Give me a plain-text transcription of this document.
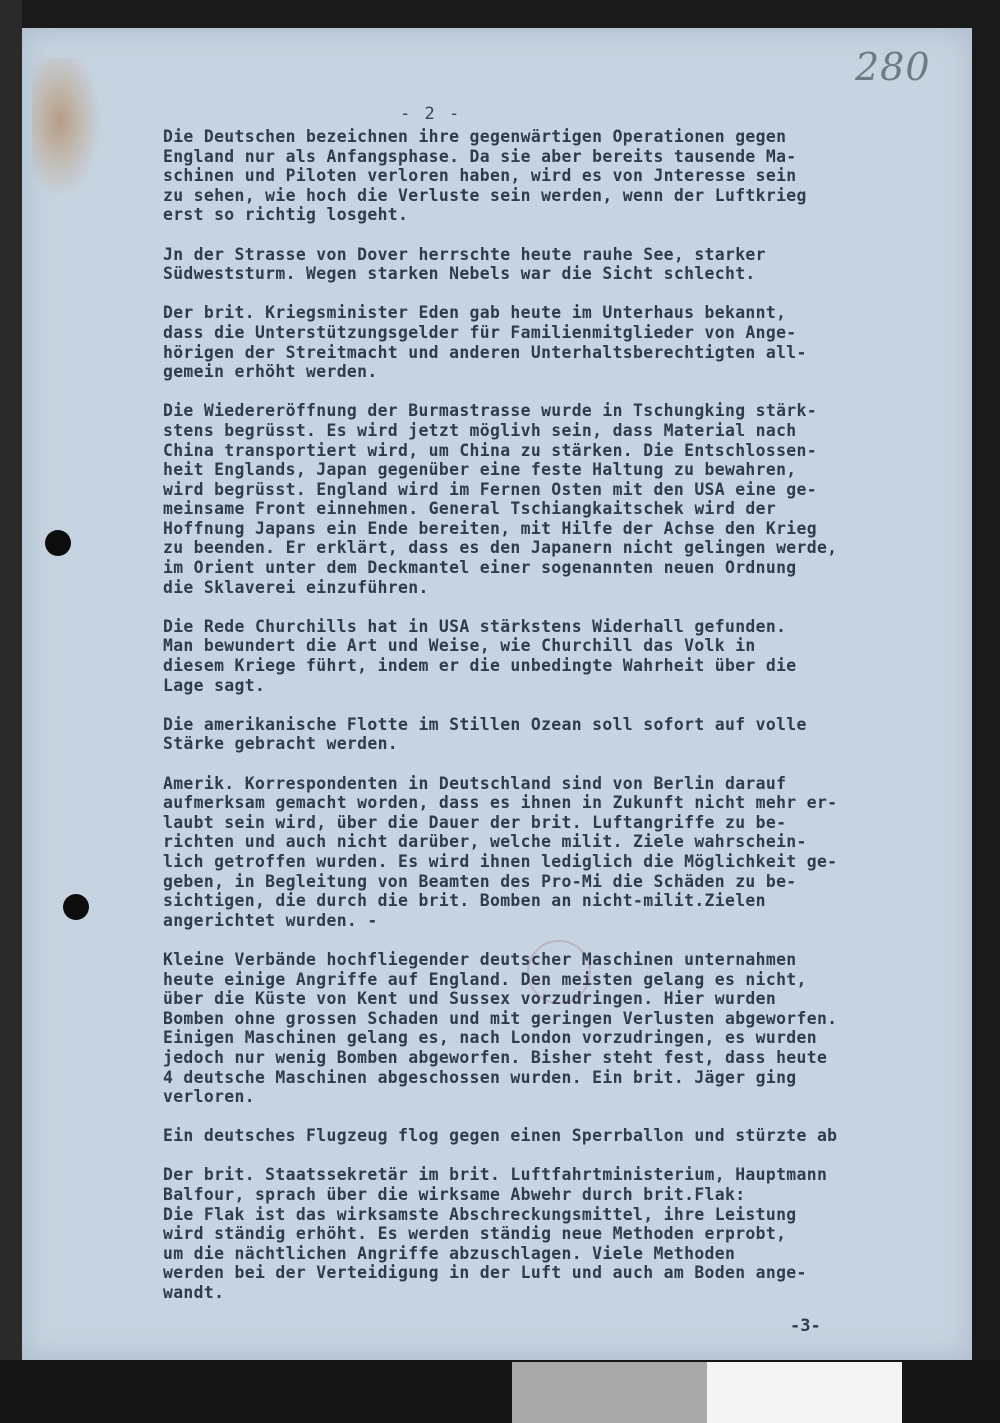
280
- 2 -
Die Deutschen bezeichnen ihre gegenwärtigen Operationen gegen
England nur als Anfangsphase. Da sie aber bereits tausende Ma-
schinen und Piloten verloren haben, wird es von Jnteresse sein
zu sehen, wie hoch die Verluste sein werden, wenn der Luftkrieg
erst so richtig losgeht.
Jn der Strasse von Dover herrschte heute rauhe See, starker
Südweststurm. Wegen starken Nebels war die Sicht schlecht.
Der brit. Kriegsminister Eden gab heute im Unterhaus bekannt,
dass die Unterstützungsgelder für Familienmitglieder von Ange-
hörigen der Streitmacht und anderen Unterhaltsberechtigten all-
gemein erhöht werden.
Die Wiedereröffnung der Burmastrasse wurde in Tschungking stärk-
stens begrüsst. Es wird jetzt möglivh sein, dass Material nach
China transportiert wird, um China zu stärken. Die Entschlossen-
heit Englands, Japan gegenüber eine feste Haltung zu bewahren,
wird begrüsst. England wird im Fernen Osten mit den USA eine ge-
meinsame Front einnehmen. General Tschiangkaitschek wird der
Hoffnung Japans ein Ende bereiten, mit Hilfe der Achse den Krieg
zu beenden. Er erklärt, dass es den Japanern nicht gelingen werde,
im Orient unter dem Deckmantel einer sogenannten neuen Ordnung
die Sklaverei einzuführen.
Die Rede Churchills hat in USA stärkstens Widerhall gefunden.
Man bewundert die Art und Weise, wie Churchill das Volk in
diesem Kriege führt, indem er die unbedingte Wahrheit über die
Lage sagt.
Die amerikanische Flotte im Stillen Ozean soll sofort auf volle
Stärke gebracht werden.
Amerik. Korrespondenten in Deutschland sind von Berlin darauf
aufmerksam gemacht worden, dass es ihnen in Zukunft nicht mehr er-
laubt sein wird, über die Dauer der brit. Luftangriffe zu be-
richten und auch nicht darüber, welche milit. Ziele wahrschein-
lich getroffen wurden. Es wird ihnen lediglich die Möglichkeit ge-
geben, in Begleitung von Beamten des Pro-Mi die Schäden zu be-
sichtigen, die durch die brit. Bomben an nicht-milit.Zielen
angerichtet wurden. -
Kleine Verbände hochfliegender deutscher Maschinen unternahmen
heute einige Angriffe auf England. Den meisten gelang es nicht,
über die Küste von Kent und Sussex vorzudringen. Hier wurden
Bomben ohne grossen Schaden und mit geringen Verlusten abgeworfen.
Einigen Maschinen gelang es, nach London vorzudringen, es wurden
jedoch nur wenig Bomben abgeworfen. Bisher steht fest, dass heute
4 deutsche Maschinen abgeschossen wurden. Ein brit. Jäger ging
verloren.
Ein deutsches Flugzeug flog gegen einen Sperrballon und stürzte ab
Der brit. Staatssekretär im brit. Luftfahrtministerium, Hauptmann
Balfour, sprach über die wirksame Abwehr durch brit.Flak:
Die Flak ist das wirksamste Abschreckungsmittel, ihre Leistung
wird ständig erhöht. Es werden ständig neue Methoden erprobt,
um die nächtlichen Angriffe abzuschlagen. Viele Methoden
werden bei der Verteidigung in der Luft und auch am Boden ange-
wandt.
-3-
